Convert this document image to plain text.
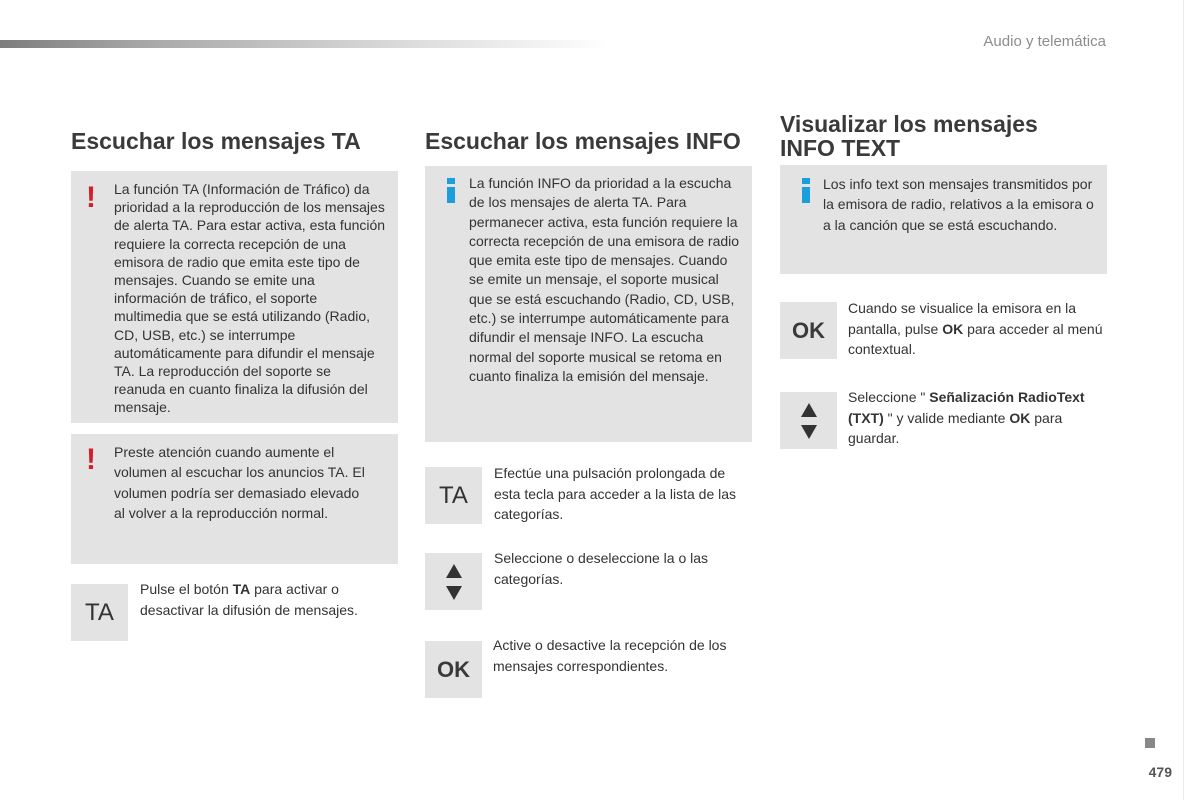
Audio y telemática
Escuchar los mensajes TA
! La función TA (Información de Tráfico) da prioridad a la reproducción de los mensajes de alerta TA. Para estar activa, esta función requiere la correcta recepción de una emisora de radio que emita este tipo de mensajes. Cuando se emite una información de tráfico, el soporte multimedia que se está utilizando (Radio, CD, USB, etc.) se interrumpe automáticamente para difundir el mensaje TA. La reproducción del soporte se reanuda en cuanto finaliza la difusión del mensaje.
! Preste atención cuando aumente el volumen al escuchar los anuncios TA. El volumen podría ser demasiado elevado al volver a la reproducción normal.
TA
Pulse el botón TA para activar o desactivar la difusión de mensajes.
Escuchar los mensajes INFO
La función INFO da prioridad a la escucha de los mensajes de alerta TA. Para permanecer activa, esta función requiere la correcta recepción de una emisora de radio que emita este tipo de mensajes. Cuando se emite un mensaje, el soporte musical que se está escuchando (Radio, CD, USB, etc.) se interrumpe automáticamente para difundir el mensaje INFO. La escucha normal del soporte musical se retoma en cuanto finaliza la emisión del mensaje.
TA
Efectúe una pulsación prolongada de esta tecla para acceder a la lista de las categorías.
Seleccione o deseleccione la o las categorías.
OK
Active o desactive la recepción de los mensajes correspondientes.
Visualizar los mensajes
INFO TEXT
Los info text son mensajes transmitidos por la emisora de radio, relativos a la emisora o a la canción que se está escuchando.
OK
Cuando se visualice la emisora en la pantalla, pulse OK para acceder al menú contextual.
Seleccione " Señalización RadioText (TXT) " y valide mediante OK para guardar.
479
